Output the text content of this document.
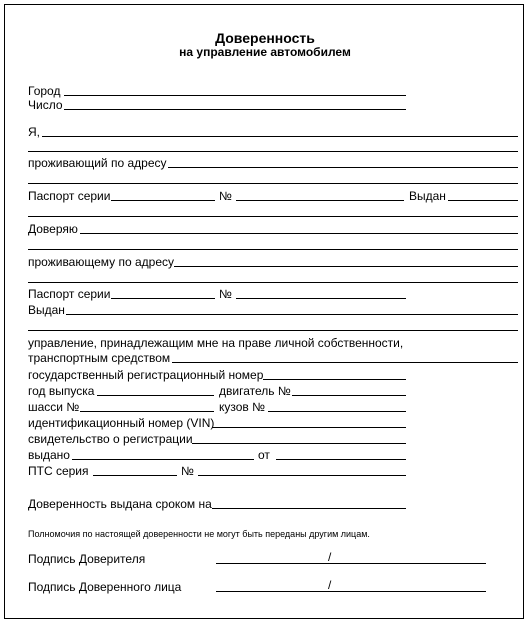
Доверенность
на управление автомобилем
Город
Число
Я,
проживающий по адресу
Паспорт серии	№	Выдан
Доверяю
проживающему по адресу
Паспорт серии	№
Выдан
управление, принадлежащим мне на праве личной собственности,
транспортным средством
государственный регистрационный номер
год выпуска	двигатель №
шасси №	кузов №
идентификационный номер (VIN)
свидетельство о регистрации
выдано	от
ПТС серия	№
Доверенность выдана сроком на
Полномочия по настоящей доверенности не могут быть переданы другим лицам.
Подпись Доверителя	/
Подпись Доверенного лица	/
